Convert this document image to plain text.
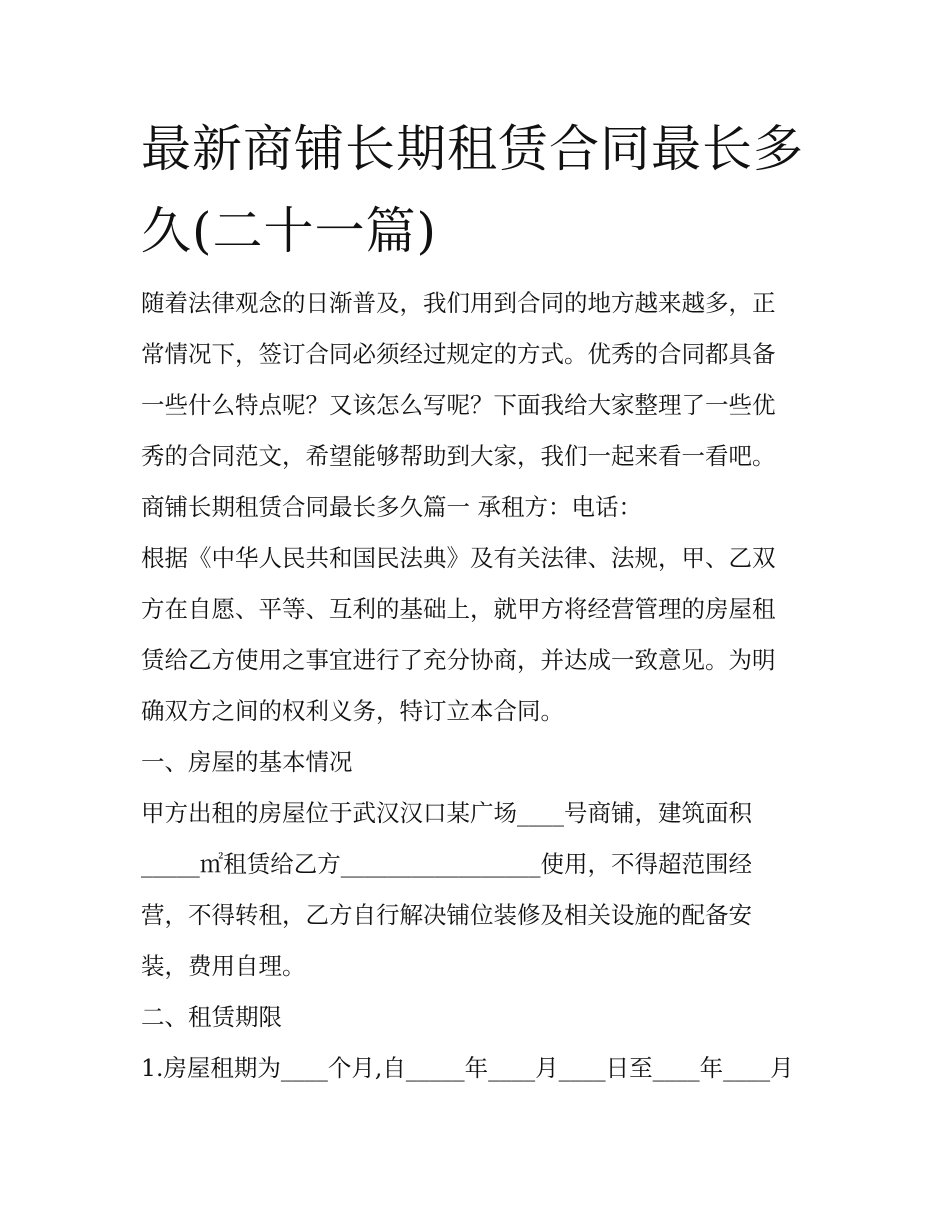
最新商铺长期租赁合同最长多
久(二十一篇)
随着法律观念的日渐普及，我们用到合同的地方越来越多，正
常情况下，签订合同必须经过规定的方式。优秀的合同都具备
一些什么特点呢？又该怎么写呢？下面我给大家整理了一些优
秀的合同范文，希望能够帮助到大家，我们一起来看一看吧。
商铺长期租赁合同最长多久篇一 承租方：电话：
根据《中华人民共和国民法典》及有关法律、法规，甲、乙双
方在自愿、平等、互利的基础上，就甲方将经营管理的房屋租
赁给乙方使用之事宜进行了充分协商，并达成一致意见。为明
确双方之间的权利义务，特订立本合同。
一、房屋的基本情况
甲方出租的房屋位于武汉汉口某广场____号商铺，建筑面积
_____㎡租赁给乙方_________________使用，不得超范围经
营，不得转租，乙方自行解决铺位装修及相关设施的配备安
装，费用自理。
二、租赁期限
1.房屋租期为____个月,自_____年____月____日至____年____月
